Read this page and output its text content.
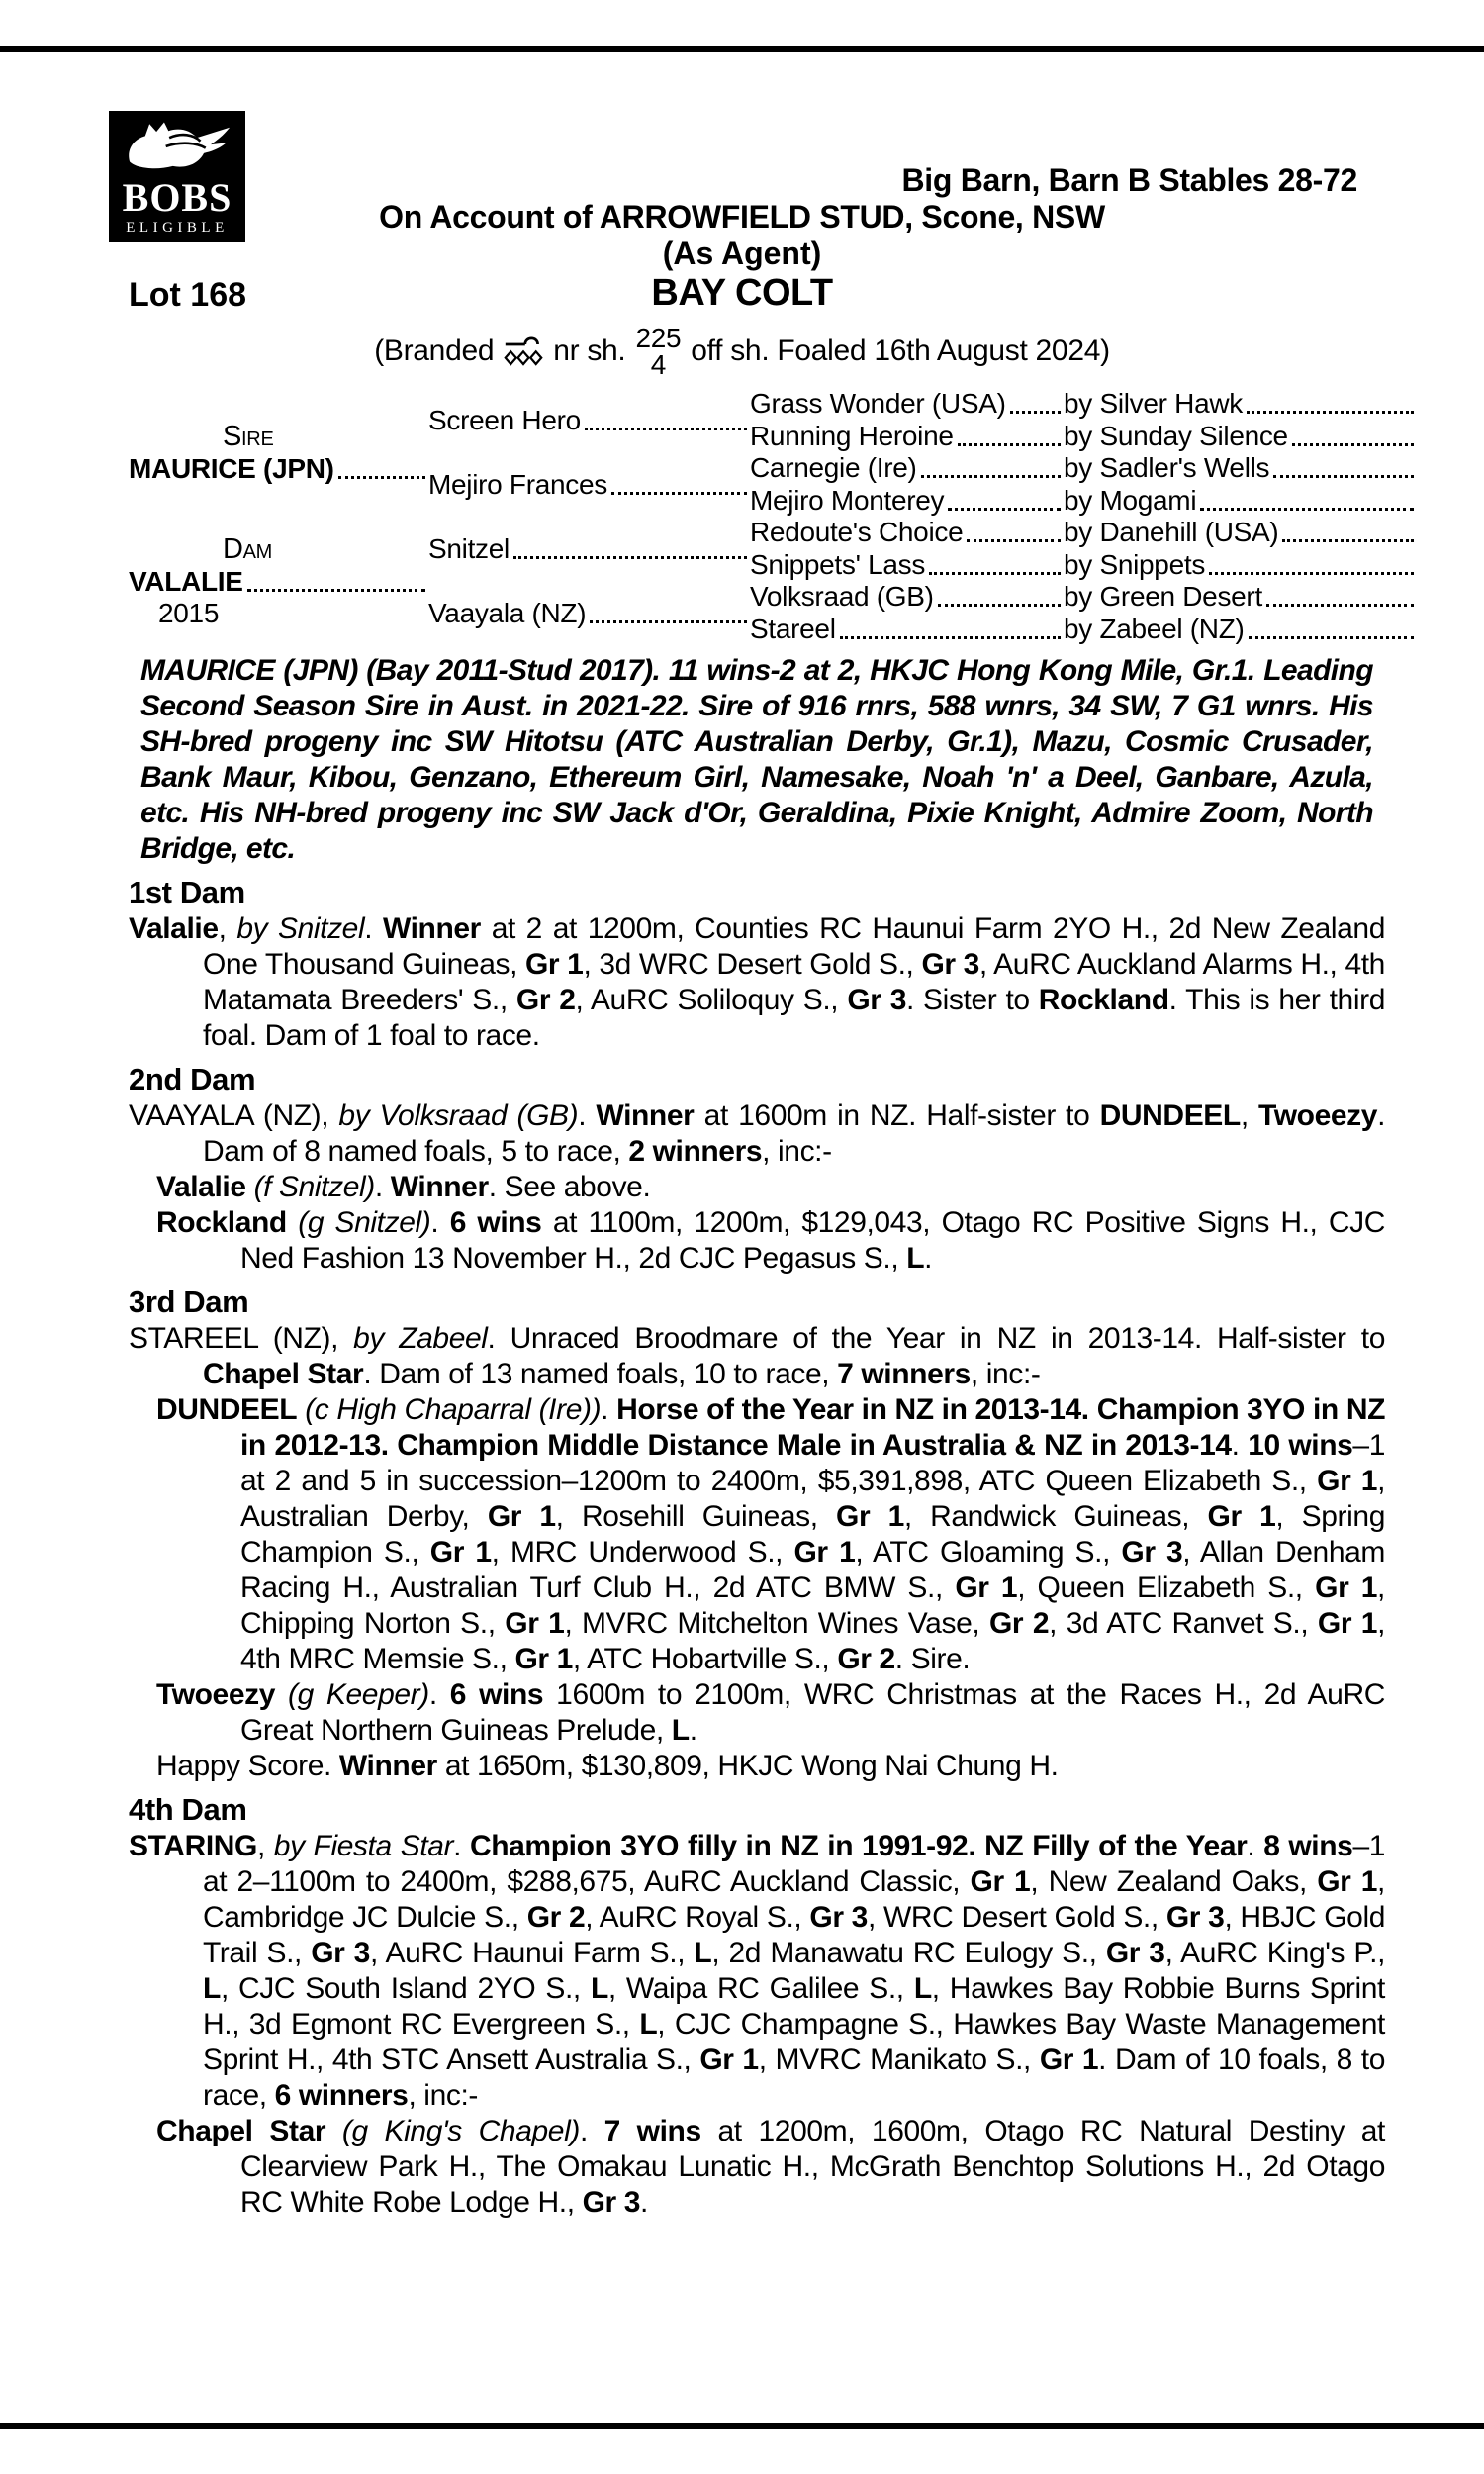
BOBS
ELIGIBLE
Big Barn, Barn B Stables 28-72
On Account of ARROWFIELD STUD, Scone, NSW
(As Agent)
Lot 168	BAY COLT
(Branded nr sh. 225
4 off sh. Foaled 16th August 2024)
Sire
MAURICE (JPN)
Dam
VALALIE
2015
Screen Hero
Mejiro Frances
Snitzel
Vaayala (NZ)
Grass Wonder (USA) by Silver Hawk
Running Heroine	by Sunday Silence
Carnegie (Ire)	by Sadler's Wells
Mejiro Monterey	by Mogami
Redoute's Choice	by Danehill (USA)
Snippets' Lass	by Snippets
Volksraad (GB)	by Green Desert
Stareel	by Zabeel (NZ)

MAURICE (JPN) (Bay 2011-Stud 2017). 11 wins-2 at 2, HKJC Hong Kong Mile, Gr.1. Leading Second Season Sire in Aust. in 2021-22. Sire of 916 rnrs, 588 wnrs, 34 SW, 7 G1 wnrs. His SH-bred progeny inc SW Hitotsu (ATC Australian Derby, Gr.1), Mazu, Cosmic Crusader, Bank Maur, Kibou, Genzano, Ethereum Girl, Namesake, Noah 'n' a Deel, Ganbare, Azula, etc. His NH-bred progeny inc SW Jack d'Or, Geraldina, Pixie Knight, Admire Zoom, North Bridge, etc.

1st Dam

Valalie, by Snitzel. Winner at 2 at 1200m, Counties RC Haunui Farm 2YO H., 2d New Zealand One Thousand Guineas, Gr 1, 3d WRC Desert Gold S., Gr 3, AuRC Auckland Alarms H., 4th Matamata Breeders' S., Gr 2, AuRC Soliloquy S., Gr 3. Sister to Rockland. This is her third foal. Dam of 1 foal to race.

2nd Dam

VAAYALA (NZ), by Volksraad (GB). Winner at 1600m in NZ. Half-sister to DUNDEEL, Twoeezy. Dam of 8 named foals, 5 to race, 2 winners, inc:-

Valalie (f Snitzel). Winner. See above.

Rockland (g Snitzel). 6 wins at 1100m, 1200m, $129,043, Otago RC Positive Signs H., CJC Ned Fashion 13 November H., 2d CJC Pegasus S., L.

3rd Dam

STAREEL (NZ), by Zabeel. Unraced Broodmare of the Year in NZ in 2013-14. Half-sister to Chapel Star. Dam of 13 named foals, 10 to race, 7 winners, inc:-

DUNDEEL (c High Chaparral (Ire)). Horse of the Year in NZ in 2013-14. Champion 3YO in NZ in 2012-13. Champion Middle Distance Male in Australia & NZ in 2013-14. 10 wins–1 at 2 and 5 in succession–1200m to 2400m, $5,391,898, ATC Queen Elizabeth S., Gr 1, Australian Derby, Gr 1, Rosehill Guineas, Gr 1, Randwick Guineas, Gr 1, Spring Champion S., Gr 1, MRC Underwood S., Gr 1, ATC Gloaming S., Gr 3, Allan Denham Racing H., Australian Turf Club H., 2d ATC BMW S., Gr 1, Queen Elizabeth S., Gr 1, Chipping Norton S., Gr 1, MVRC Mitchelton Wines Vase, Gr 2, 3d ATC Ranvet S., Gr 1, 4th MRC Memsie S., Gr 1, ATC Hobartville S., Gr 2. Sire.

Twoeezy (g Keeper). 6 wins 1600m to 2100m, WRC Christmas at the Races H., 2d AuRC Great Northern Guineas Prelude, L.

Happy Score. Winner at 1650m, $130,809, HKJC Wong Nai Chung H.

4th Dam

STARING, by Fiesta Star. Champion 3YO filly in NZ in 1991-92. NZ Filly of the Year. 8 wins–1 at 2–1100m to 2400m, $288,675, AuRC Auckland Classic, Gr 1, New Zealand Oaks, Gr 1, Cambridge JC Dulcie S., Gr 2, AuRC Royal S., Gr 3, WRC Desert Gold S., Gr 3, HBJC Gold Trail S., Gr 3, AuRC Haunui Farm S., L, 2d Manawatu RC Eulogy S., Gr 3, AuRC King's P., L, CJC South Island 2YO S., L, Waipa RC Galilee S., L, Hawkes Bay Robbie Burns Sprint H., 3d Egmont RC Evergreen S., L, CJC Champagne S., Hawkes Bay Waste Management Sprint H., 4th STC Ansett Australia S., Gr 1, MVRC Manikato S., Gr 1. Dam of 10 foals, 8 to race, 6 winners, inc:-

Chapel Star (g King's Chapel). 7 wins at 1200m, 1600m, Otago RC Natural Destiny at Clearview Park H., The Omakau Lunatic H., McGrath Benchtop Solutions H., 2d Otago RC White Robe Lodge H., Gr 3.
